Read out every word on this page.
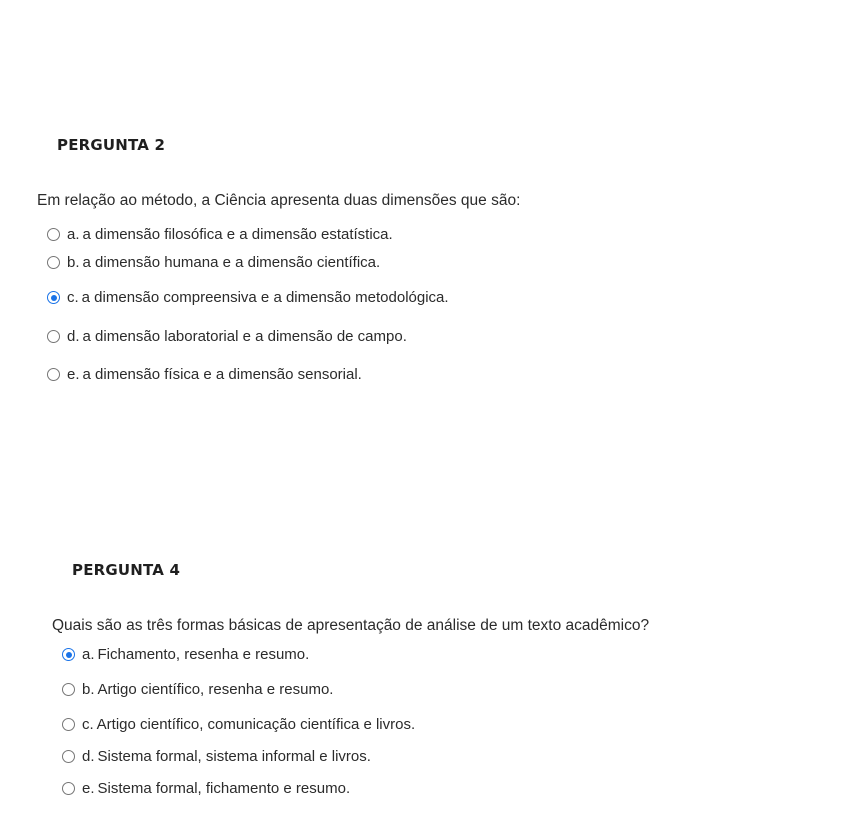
PERGUNTA 2
Em relação ao método, a Ciência apresenta duas dimensões que são:
a. a dimensão filosófica e a dimensão estatística.
b. a dimensão humana e a dimensão científica.
c. a dimensão compreensiva e a dimensão metodológica.
d. a dimensão laboratorial e a dimensão de campo.
e. a dimensão física e a dimensão sensorial.
PERGUNTA 4
Quais são as três formas básicas de apresentação de análise de um texto acadêmico?
a. Fichamento, resenha e resumo.
b. Artigo científico, resenha e resumo.
c. Artigo científico, comunicação científica e livros.
d. Sistema formal, sistema informal e livros.
e. Sistema formal, fichamento e resumo.
